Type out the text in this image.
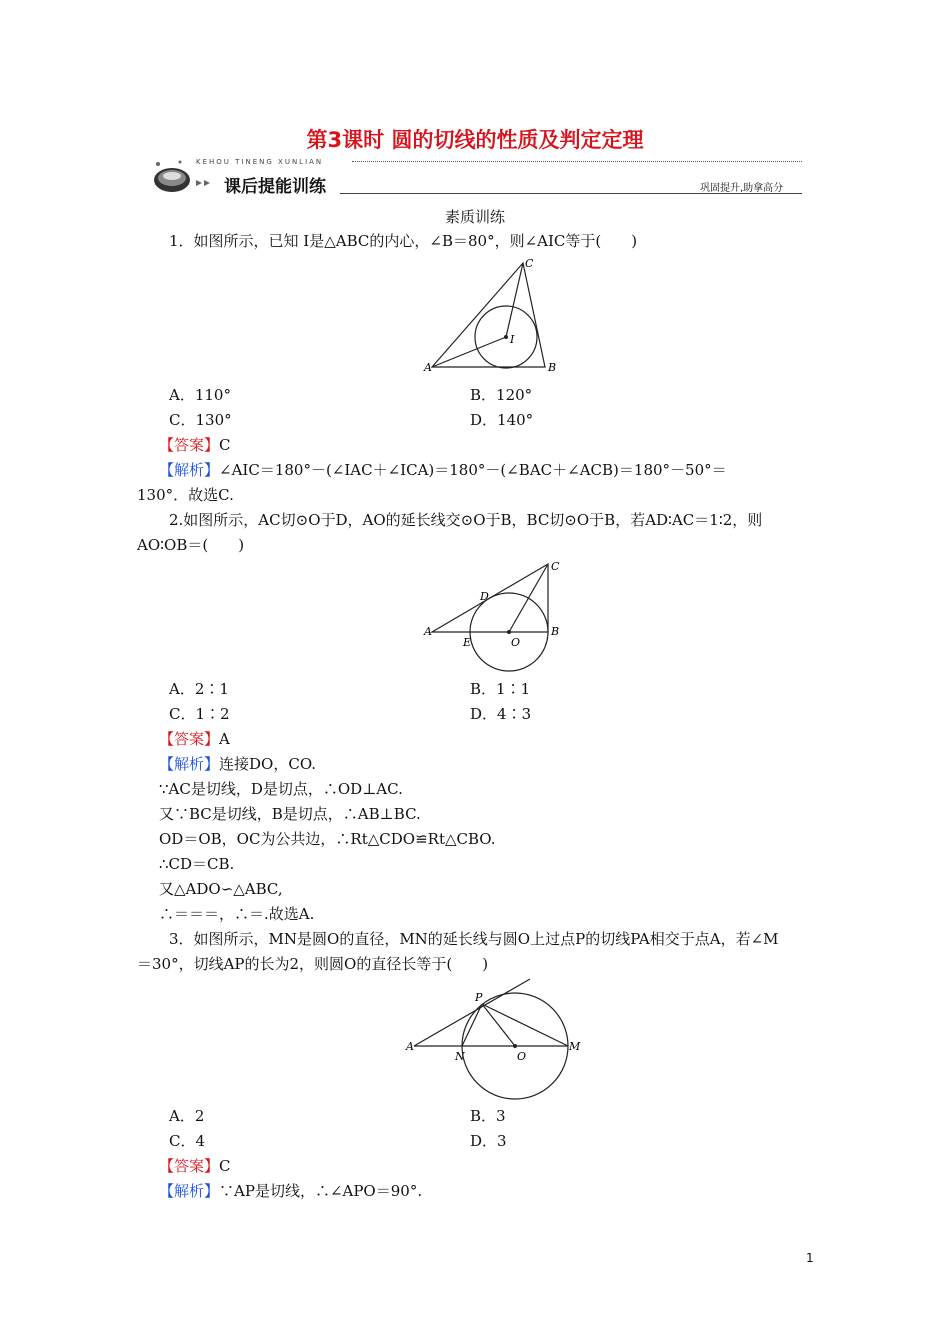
第3课时 圆的切线的性质及判定定理
KEHOU TINENG XUNLIAN
课后提能训练	巩固提升,助拿高分
素质训练
1．如图所示，已知 I是△ABC的内心，∠B＝80°，则∠AIC等于(　　)
C
I
A	B
A．110°	B．120°
C．130°	D．140°
【答案】C
【解析】∠AIC＝180°－(∠IAC＋∠ICA)＝180°－(∠BAC＋∠ACB)＝180°－50°＝
130°．故选C.
2.如图所示，AC切⊙O于D，AO的延长线交⊙O于B，BC切⊙O于B，若AD∶AC＝1∶2，则
AO∶OB＝(　　)
C
D
A
E	O
B
A．2∶1	B．1∶1
C．1∶2	D．4∶3
【答案】A
【解析】连接DO，CO.
∵AC是切线，D是切点，∴OD⊥AC.
又∵BC是切线，B是切点，∴AB⊥BC.
OD＝OB，OC为公共边，∴Rt△CDO≌Rt△CBO.
∴CD＝CB.
又△ADO∽△ABC,
∴＝＝＝，∴＝.故选A.
3．如图所示，MN是圆O的直径，MN的延长线与圆O上过点P的切线PA相交于点A，若∠M
＝30°，切线AP的长为2，则圆O的直径长等于(　　)
P
A
N	O
M
A．2	B．3
C．4	D．3
【答案】C
【解析】∵AP是切线，∴∠APO＝90°.
1
